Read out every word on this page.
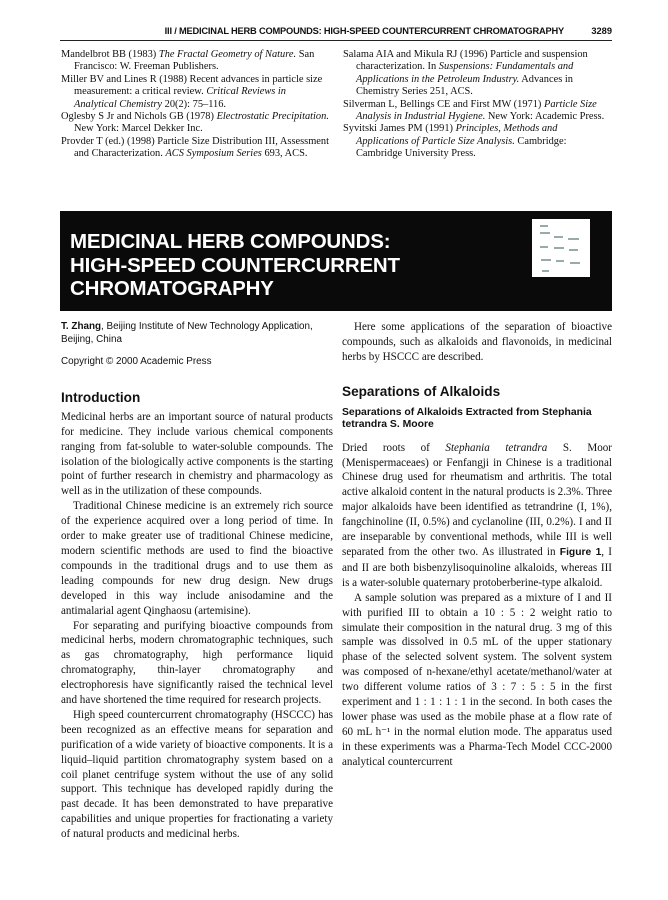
III / MEDICINAL HERB COMPOUNDS: HIGH-SPEED COUNTERCURRENT CHROMATOGRAPHY	3289
Mandelbrot BB (1983) The Fractal Geometry of Nature. San Francisco: W. Freeman Publishers.
Miller BV and Lines R (1988) Recent advances in particle size measurement: a critical review. Critical Reviews in Analytical Chemistry 20(2): 75–116.
Oglesby S Jr and Nichols GB (1978) Electrostatic Precipitation. New York: Marcel Dekker Inc.
Provder T (ed.) (1998) Particle Size Distribution III, Assessment and Characterization. ACS Symposium Series 693, ACS.
Salama AIA and Mikula RJ (1996) Particle and suspension characterization. In Suspensions: Fundamentals and Applications in the Petroleum Industry. Advances in Chemistry Series 251, ACS.
Silverman L, Bellings CE and First MW (1971) Particle Size Analysis in Industrial Hygiene. New York: Academic Press.
Syvitski James PM (1991) Principles, Methods and Applications of Particle Size Analysis. Cambridge: Cambridge University Press.
MEDICINAL HERB COMPOUNDS:
HIGH-SPEED COUNTERCURRENT
CHROMATOGRAPHY
T. Zhang, Beijing Institute of New Technology Application, Beijing, China
Copyright © 2000 Academic Press
Introduction

Medicinal herbs are an important source of natural products for medicine. They include various chemical components ranging from fat-soluble to water-soluble compounds. The isolation of the biologically active components is the starting point of further research in chemistry and pharmacology as well as in the utilization of these compounds.

Traditional Chinese medicine is an extremely rich source of the experience acquired over a long period of time. In order to make greater use of traditional Chinese medicine, modern scientific methods are used to find the bioactive compounds in the traditional drugs and to use them as leading compounds for new drug design. New drugs developed in this way include anisodamine and the antimalarial agent Qinghaosu (artemisine).

For separating and purifying bioactive compounds from medicinal herbs, modern chromatographic techniques, such as gas chromatography, high performance liquid chromatography, thin-layer chromatography and electrophoresis have significantly raised the technical level and have shortened the time required for research projects.

High speed countercurrent chromatography (HSCCC) has been recognized as an effective means for separation and purification of a wide variety of bioactive components. It is a liquid–liquid partition chromatography system based on a coil planet centrifuge system without the use of any solid support. This technique has developed rapidly during the past decade. It has been demonstrated to have preparative capabilities and unique properties for fractionating a variety of natural products and medicinal herbs.

Here some applications of the separation of bioactive compounds, such as alkaloids and flavonoids, in medicinal herbs by HSCCC are described.

Separations of Alkaloids
Separations of Alkaloids Extracted from Stephania tetrandra S. Moore

Dried roots of Stephania tetrandra S. Moor (Menispermaceaes) or Fenfangji in Chinese is a traditional Chinese drug used for rheumatism and arthritis. The total active alkaloid content in the natural products is 2.3%. Three major alkaloids have been identified as tetrandrine (I, 1%), fangchinoline (II, 0.5%) and cyclanoline (III, 0.2%). I and II are inseparable by conventional methods, while III is well separated from the other two. As illustrated in Figure 1, I and II are both bisbenzylisoquinoline alkaloids, whereas III is a water-soluble quaternary protoberberine-type alkaloid.

A sample solution was prepared as a mixture of I and II with purified III to obtain a 10 : 5 : 2 weight ratio to simulate their composition in the natural drug. 3 mg of this sample was dissolved in 0.5 mL of the upper stationary phase of the selected solvent system. The solvent system was composed of n-hexane/ethyl acetate/methanol/water at two different volume ratios of 3 : 7 : 5 : 5 in the first experiment and 1 : 1 : 1 : 1 in the second. In both cases the lower phase was used as the mobile phase at a flow rate of 60 mL h⁻¹ in the normal elution mode. The apparatus used in these experiments was a Pharma-Tech Model CCC-2000 analytical countercurrent
